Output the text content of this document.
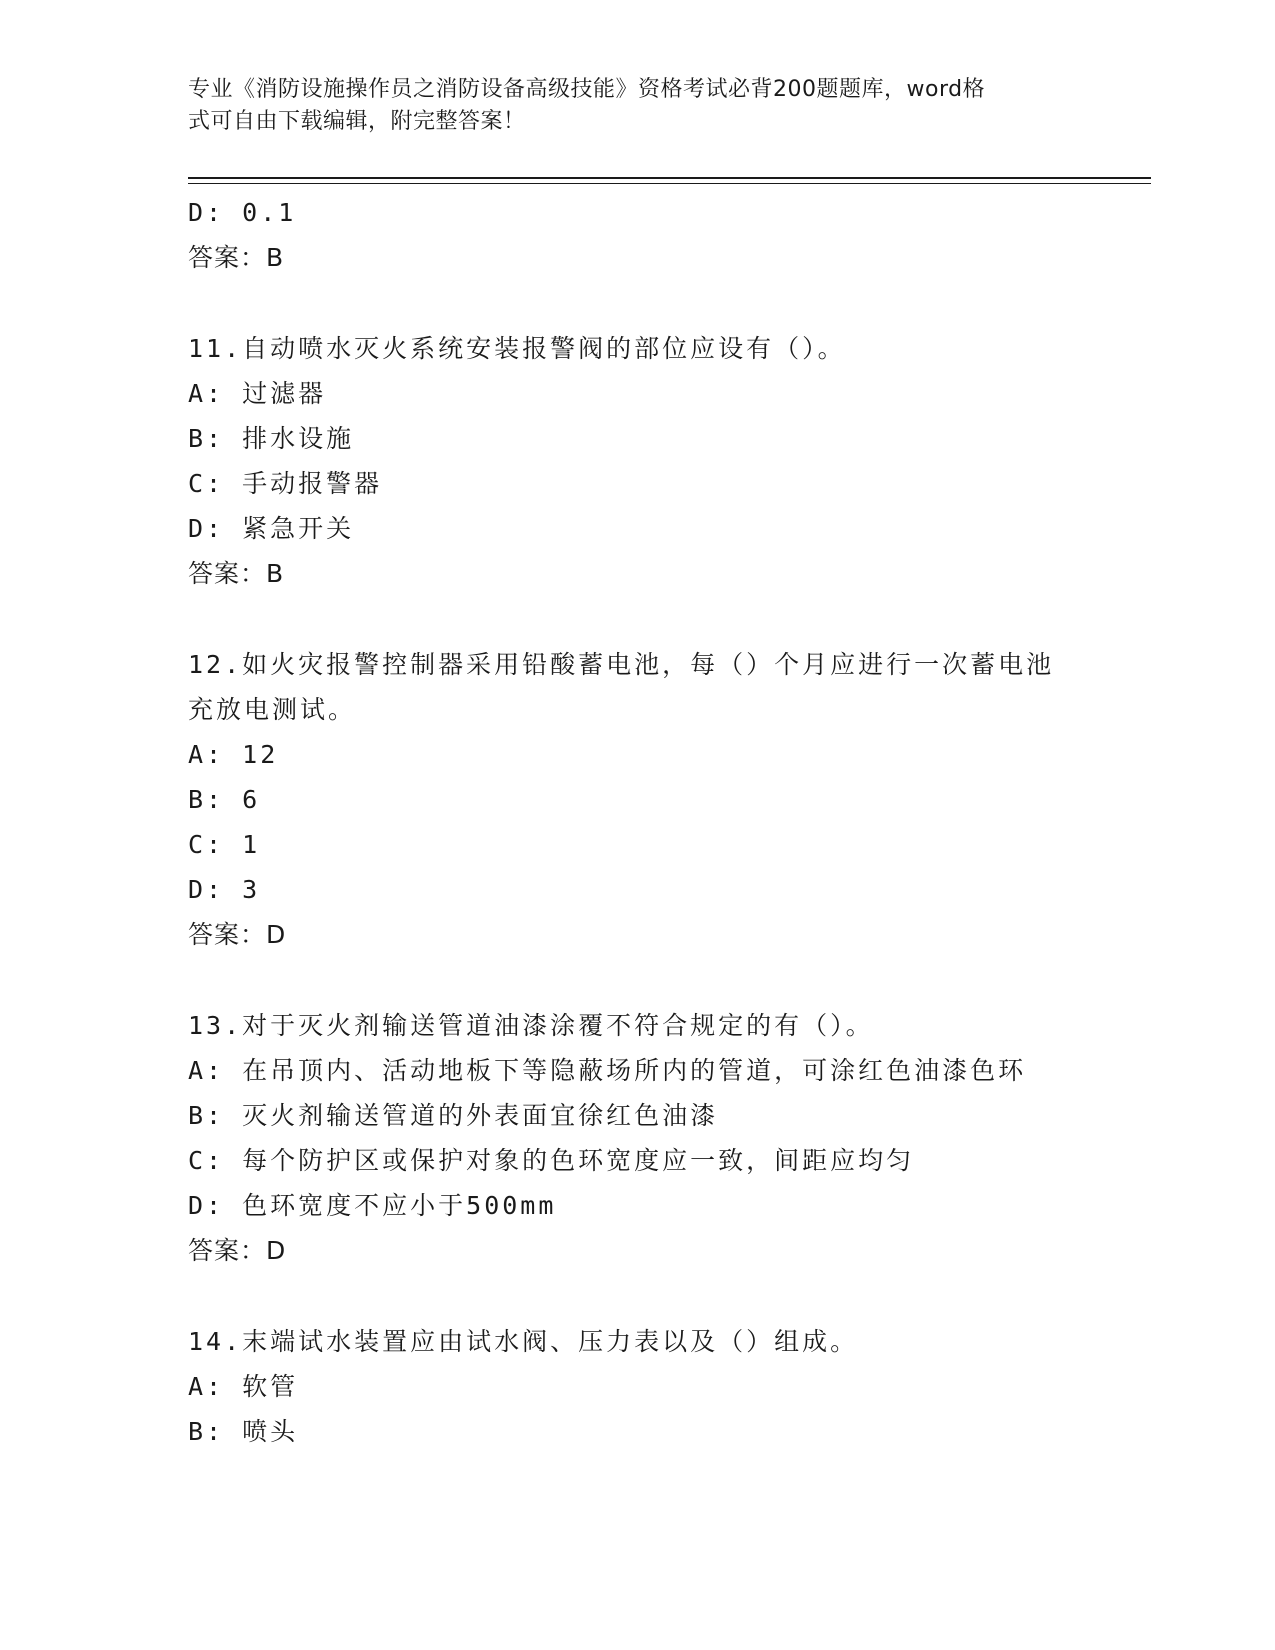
专业《消防设施操作员之消防设备高级技能》资格考试必背200题题库，word格
式可自由下载编辑，附完整答案！
D: 0.1
答案：B
11.自动喷水灭火系统安装报警阀的部位应设有（）。
A: 过滤器
B: 排水设施
C: 手动报警器
D: 紧急开关
答案：B
12.如火灾报警控制器采用铅酸蓄电池，每（）个月应进行一次蓄电池
充放电测试。
A: 12
B: 6
C: 1
D: 3
答案：D
13.对于灭火剂输送管道油漆涂覆不符合规定的有（）。
A: 在吊顶内、活动地板下等隐蔽场所内的管道，可涂红色油漆色环
B: 灭火剂输送管道的外表面宜徐红色油漆
C: 每个防护区或保护对象的色环宽度应一致，间距应均匀
D: 色环宽度不应小于500mm
答案：D
14.末端试水装置应由试水阀、压力表以及（）组成。
A: 软管
B: 喷头
